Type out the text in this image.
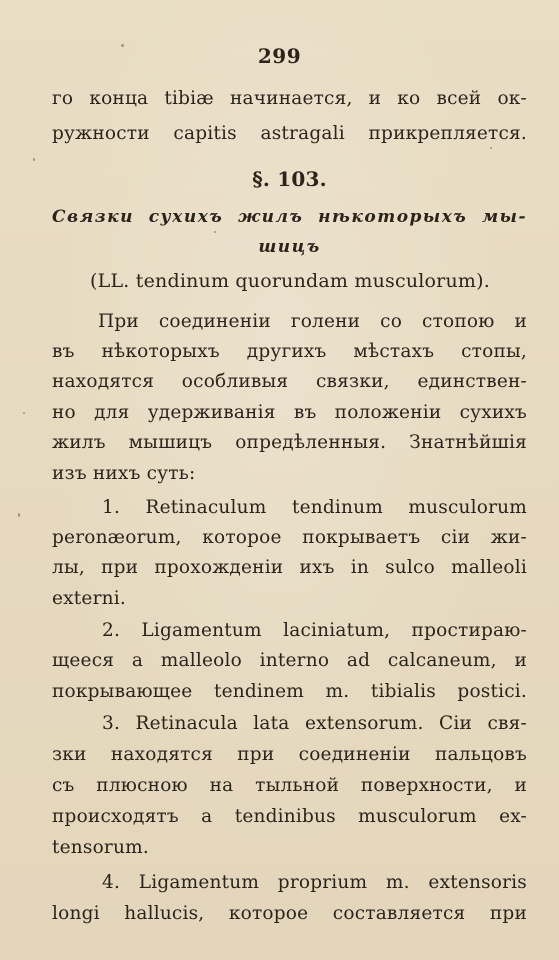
299
го конца tibiæ начинается, и ко всей ок-
ружности capitis astragali прикрепляется.
§. 103.
Связки сухихъ жилъ нѣкоторыхъ мы-
шицъ
(LL. tendinum quorundam musculorum).
При соединеніи голени со стопою и
въ нѣкоторыхъ другихъ мѣстахъ стопы,
находятся особливыя связки, единствен-
но для удерживанія въ положеніи сухихъ
жилъ мышицъ опредѣленныя. Знатнѣйшія
изъ нихъ суть:
1. Retinaculum tendinum musculorum
peronæorum, которое покрываетъ сіи жи-
лы, при прохожденіи ихъ in sulco malleoli
externi.
2. Ligamentum laciniatum, простираю-
щееся a malleolo interno ad calcaneum, и
покрывающее tendinem m. tibialis postici.
3. Retinacula lata extensorum. Сіи свя-
зки находятся при соединеніи пальцовъ
съ плюсною на тыльной поверхности, и
происходятъ a tendinibus musculorum ex-
tensorum.
4. Ligamentum proprium m. extensoris
longi hallucis, которое составляется при
